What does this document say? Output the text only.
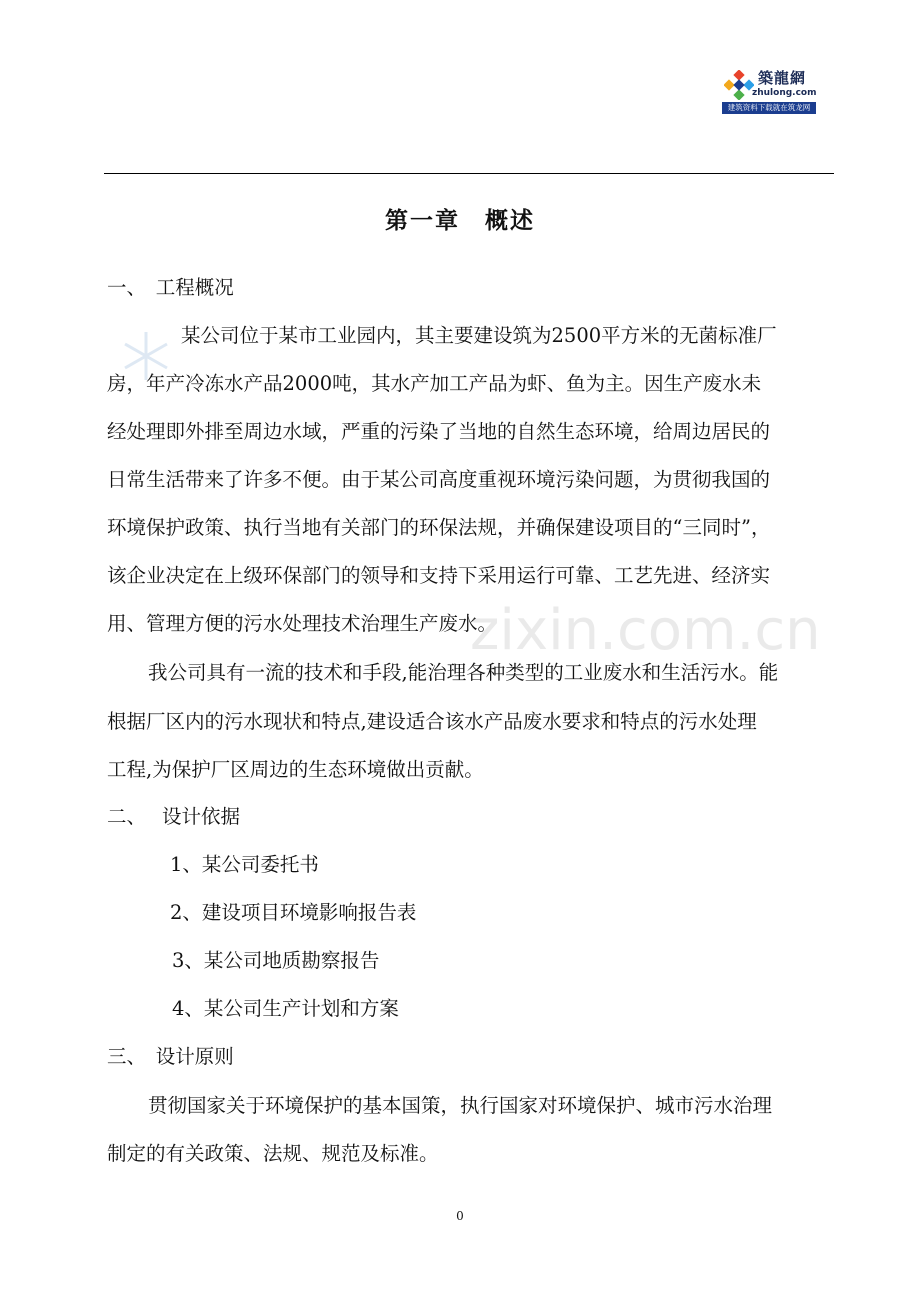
築龍網
zhulong.com
建筑资料下载就在筑龙网
第一章　概述
一、　工程概况
某公司位于某市工业园内，其主要建设筑为2500平方米的无菌标准厂
房，年产冷冻水产品2000吨，其水产加工产品为虾、鱼为主。因生产废水未
经处理即外排至周边水域，严重的污染了当地的自然生态环境，给周边居民的
日常生活带来了许多不便。由于某公司高度重视环境污染问题，为贯彻我国的
环境保护政策、执行当地有关部门的环保法规，并确保建设项目的“三同时”，
该企业决定在上级环保部门的领导和支持下采用运行可靠、工艺先进、经济实
用、管理方便的污水处理技术治理生产废水。
我公司具有一流的技术和手段,能治理各种类型的工业废水和生活污水。能
根据厂区内的污水现状和特点,建设适合该水产品废水要求和特点的污水处理
工程,为保护厂区周边的生态环境做出贡献。
二、　 设计依据
1、某公司委托书
2、建设项目环境影响报告表
3、某公司地质勘察报告
4、某公司生产计划和方案
三、　设计原则
贯彻国家关于环境保护的基本国策，执行国家对环境保护、城市污水治理
制定的有关政策、法规、规范及标准。
zixin.com.cn
0
